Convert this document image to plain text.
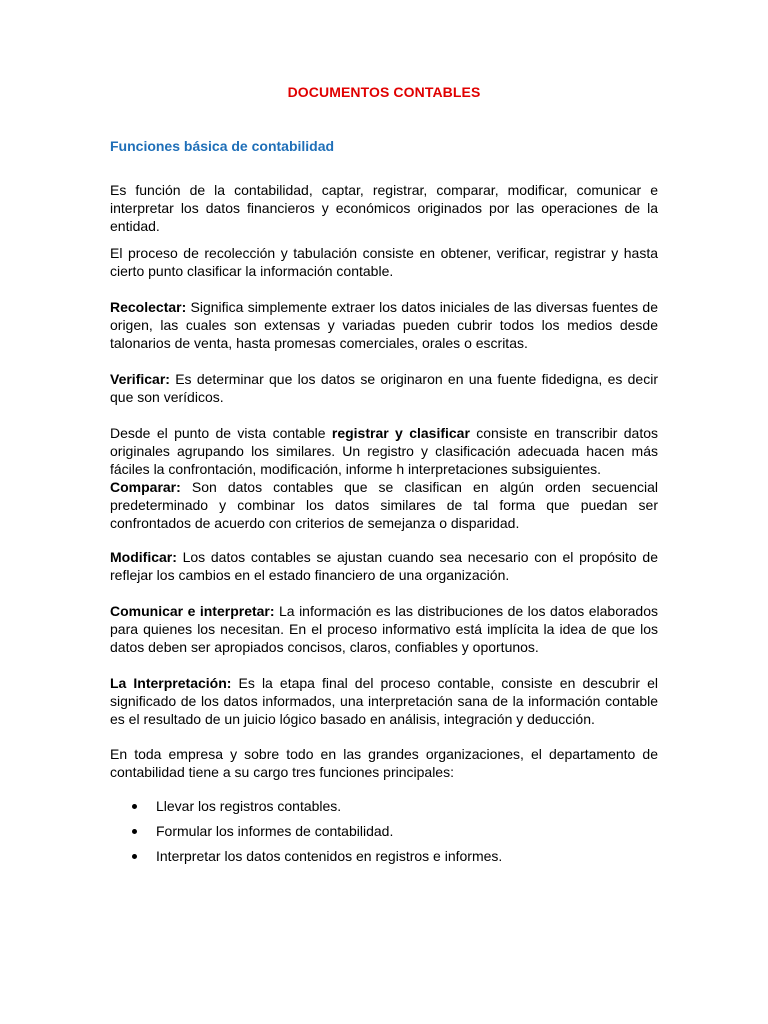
DOCUMENTOS CONTABLES
Funciones básica de contabilidad

Es función de la contabilidad, captar, registrar, comparar, modificar, comunicar e interpretar los datos financieros y económicos originados por las operaciones de la entidad.

El proceso de recolección y tabulación consiste en obtener, verificar, registrar y hasta cierto punto clasificar la información contable.

Recolectar: Significa simplemente extraer los datos iniciales de las diversas fuentes de origen, las cuales son extensas y variadas pueden cubrir todos los medios desde talonarios de venta, hasta promesas comerciales, orales o escritas.

Verificar: Es determinar que los datos se originaron en una fuente fidedigna, es decir que son verídicos.

Desde el punto de vista contable registrar y clasificar consiste en transcribir datos originales agrupando los similares. Un registro y clasificación adecuada hacen más fáciles la confrontación, modificación, informe h interpretaciones subsiguientes.
Comparar: Son datos contables que se clasifican en algún orden secuencial predeterminado y combinar los datos similares de tal forma que puedan ser confrontados de acuerdo con criterios de semejanza o disparidad.

Modificar: Los datos contables se ajustan cuando sea necesario con el propósito de reflejar los cambios en el estado financiero de una organización.

Comunicar e interpretar: La información es las distribuciones de los datos elaborados para quienes los necesitan. En el proceso informativo está implícita la idea de que los datos deben ser apropiados concisos, claros, confiables y oportunos.

La Interpretación: Es la etapa final del proceso contable, consiste en descubrir el significado de los datos informados, una interpretación sana de la información contable es el resultado de un juicio lógico basado en análisis, integración y deducción.

En toda empresa y sobre todo en las grandes organizaciones, el departamento de contabilidad tiene a su cargo tres funciones principales:

Llevar los registros contables.
Formular los informes de contabilidad.
Interpretar los datos contenidos en registros e informes.
